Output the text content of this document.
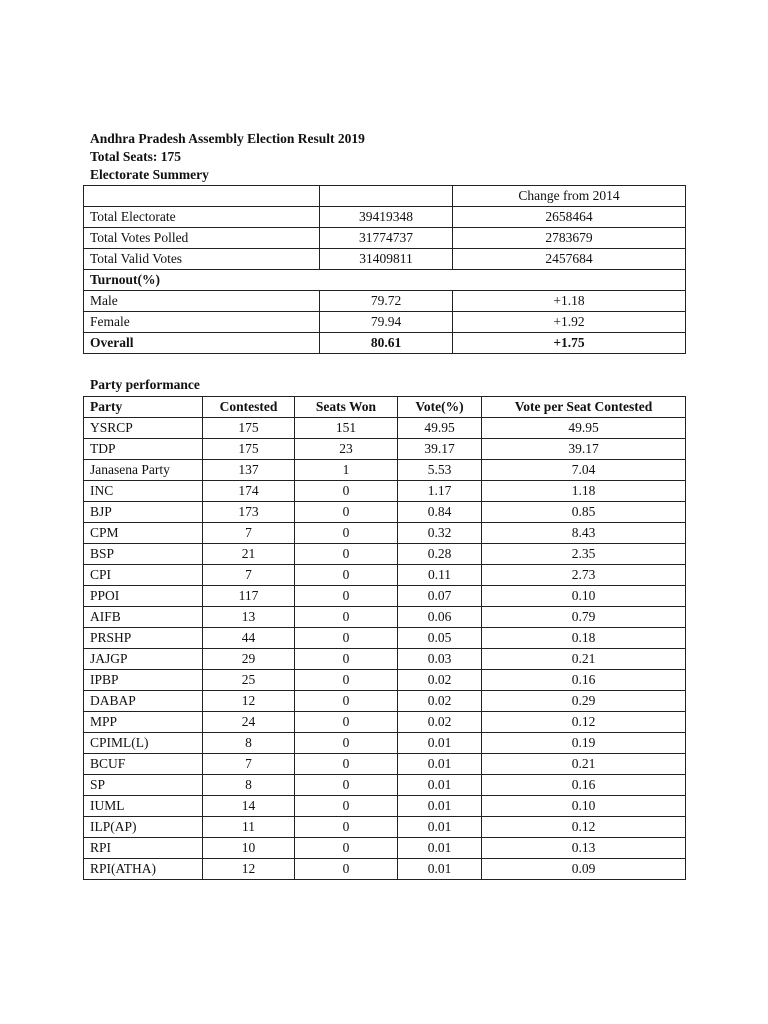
Andhra Pradesh Assembly Election Result 2019
Total Seats: 175
Electorate Summery
		Change from 2014
Total Electorate	39419348	2658464
Total Votes Polled	31774737	2783679
Total Valid Votes	31409811	2457684
Turnout(%)		
Male	79.72	+1.18
Female	79.94	+1.92
Overall	80.61	+1.75
Party performance
Party	Contested	Seats Won	Vote(%)	Vote per Seat Contested
YSRCP	175	151	49.95	49.95
TDP	175	23	39.17	39.17
Janasena Party	137	1	5.53	7.04
INC	174	0	1.17	1.18
BJP	173	0	0.84	0.85
CPM	7	0	0.32	8.43
BSP	21	0	0.28	2.35
CPI	7	0	0.11	2.73
PPOI	117	0	0.07	0.10
AIFB	13	0	0.06	0.79
PRSHP	44	0	0.05	0.18
JAJGP	29	0	0.03	0.21
IPBP	25	0	0.02	0.16
DABAP	12	0	0.02	0.29
MPP	24	0	0.02	0.12
CPIML(L)	8	0	0.01	0.19
BCUF	7	0	0.01	0.21
SP	8	0	0.01	0.16
IUML	14	0	0.01	0.10
ILP(AP)	11	0	0.01	0.12
RPI	10	0	0.01	0.13
RPI(ATHA)	12	0	0.01	0.09
